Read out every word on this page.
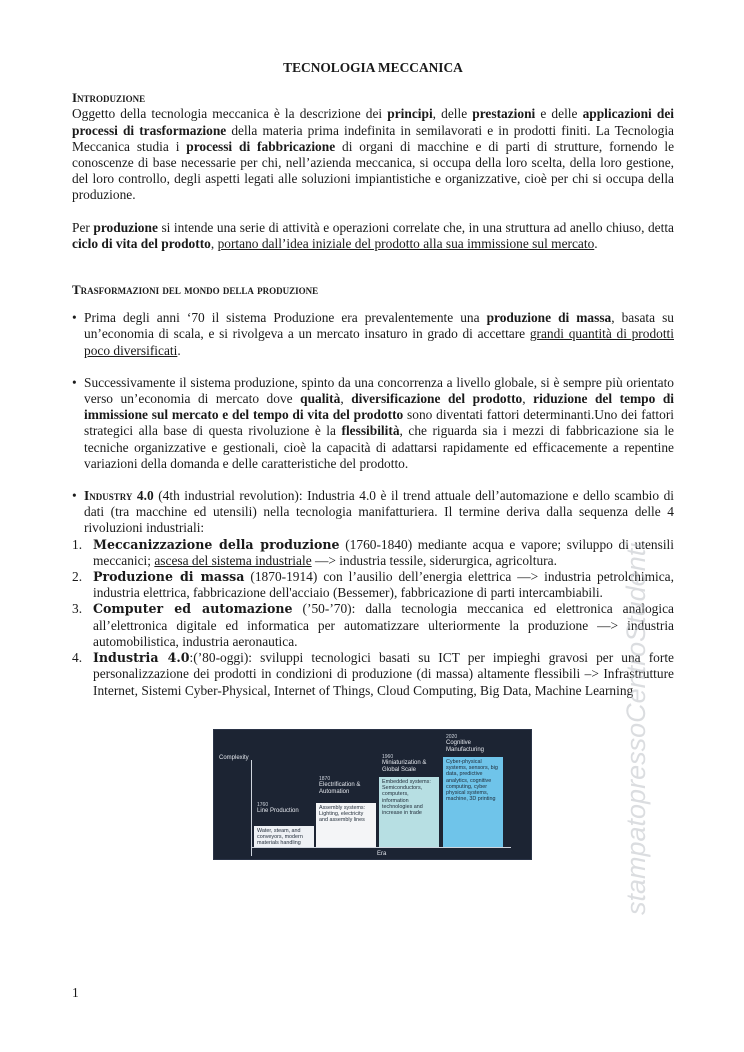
TECNOLOGIA MECCANICA
Introduzione

Oggetto della tecnologia meccanica è la descrizione dei principi, delle prestazioni e delle applicazioni dei processi di trasformazione della materia prima indefinita in semilavorati e in prodotti finiti. La Tecnologia Meccanica studia i processi di fabbricazione di organi di macchine e di parti di strutture, fornendo le conoscenze di base necessarie per chi, nell’azienda meccanica, si occupa della loro scelta, della loro gestione, del loro controllo, degli aspetti legati alle soluzioni impiantistiche e organizzative, cioè per chi si occupa della produzione.

Per produzione si intende una serie di attività e operazioni correlate che, in una struttura ad anello chiuso, detta ciclo di vita del prodotto, portano dall’idea iniziale del prodotto alla sua immissione sul mercato.

Trasformazioni del mondo della produzione
• Prima degli anni ‘70 il sistema Produzione era prevalentemente una produzione di massa, basata su un’economia di scala, e si rivolgeva a un mercato insaturo in grado di accettare grandi quantità di prodotti poco diversificati.
• Successivamente il sistema produzione, spinto da una concorrenza a livello globale, si è sempre più orientato verso un’economia di mercato dove qualità, diversificazione del prodotto, riduzione del tempo di immissione sul mercato e del tempo di vita del prodotto sono diventati fattori determinanti.Uno dei fattori strategici alla base di questa rivoluzione è la flessibilità, che riguarda sia i mezzi di fabbricazione sia le tecniche organizzative e gestionali, cioè la capacità di adattarsi rapidamente ed efficacemente a repentine variazioni della domanda e delle caratteristiche del prodotto.
• Industry 4.0 (4th industrial revolution): Industria 4.0 è il trend attuale dell’automazione e dello scambio di dati (tra macchine ed utensili) nella tecnologia manifatturiera. Il termine deriva dalla sequenza delle 4 rivoluzioni industriali:
1. Meccanizzazione della produzione (1760-1840) mediante acqua e vapore; sviluppo di utensili meccanici; ascesa del sistema industriale —> industria tessile, siderurgica, agricoltura.
2. Produzione di massa (1870-1914) con l’ausilio dell’energia elettrica —> industria petrolchimica, industria elettrica, fabbricazione dell'acciaio (Bessemer), fabbricazione di parti intercambiabili.
3. Computer ed automazione (’50-’70): dalla tecnologia meccanica ed elettronica analogica all’elettronica digitale ed informatica per automatizzare ulteriormente la produzione —> industria automobilistica, industria aeronautica.
4. Industria 4.0:(’80-oggi): sviluppi tecnologici basati su ICT per impieghi gravosi per una forte personalizzazione dei prodotti in condizioni di produzione (di massa) altamente flessibili –> Infrastrutture Internet, Sistemi Cyber-Physical, Internet of Things, Cloud Computing, Big Data, Machine Learning
Complexity
Era
1760
Line Production
Water, steam, and conveyors, modern materials handling
1870
Electrification & Automation
Assembly systems: Lighting, electricity and assembly lines
1960
Miniaturization & Global Scale
Embedded systems: Semiconductors, computers, information technologies and increase in trade
2020
Cognitive Manufacturing
Cyber-physical systems, sensors, big data, predictive analytics, cognitive computing, cyber physical systems, machine, 3D printing	stampatopressoCentroStudenti
1
